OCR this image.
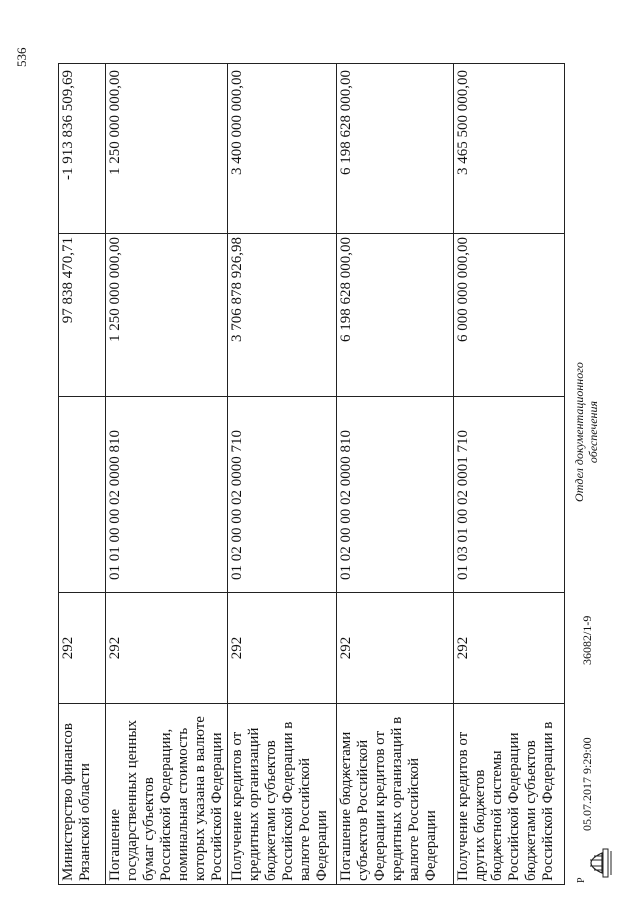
536
Министерство финансов Рязанской области	292		97 838 470,71	-1 913 836 509,69
Погашение государственных ценных бумаг субъектов Российской Федерации, номинальная стоимость которых указана в валюте Российской Федерации	292	01 01 00 00 02 0000 810	1 250 000 000,00	1 250 000 000,00
Получение кредитов от кредитных организаций бюджетами субъектов Российской Федерации в валюте Российской Федерации	292	01 02 00 00 02 0000 710	3 706 878 926,98	3 400 000 000,00
Погашение бюджетами субъектов Российской Федерации кредитов от кредитных организаций в валюте Российской Федерации	292	01 02 00 00 02 0000 810	6 198 628 000,00	6 198 628 000,00
Получение кредитов от других бюджетов бюджетной системы Российской Федерации бюджетами субъектов Российской Федерации в	292	01 03 01 00 02 0001 710	6 000 000 000,00	3 465 500 000,00
Р
05.07.2017 9:29:00
36082/1-9
Отдел документационного обеспечения
